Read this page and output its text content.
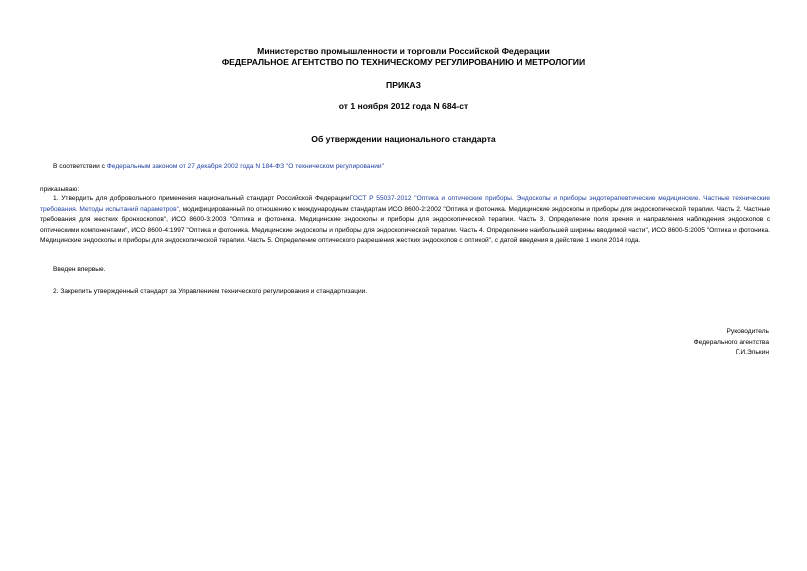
Министерство промышленности и торговли Российской Федерации
ФЕДЕРАЛЬНОЕ АГЕНТСТВО ПО ТЕХНИЧЕСКОМУ РЕГУЛИРОВАНИЮ И МЕТРОЛОГИИ
ПРИКАЗ
от 1 ноября 2012 года N 684-ст
Об утверждении национального стандарта
В соответствии с Федеральным законом от 27 декабря 2002 года N 184-ФЗ "О техническом регулировании"
приказываю:
1. Утвердить для добровольного применения национальный стандарт Российской ФедерацииГОСТ Р 55037-2012 "Оптика и оптические приборы. Эндоскопы и приборы эндотерапевтические медицинские. Частные технические требования. Методы испытаний параметров", модифицированный по отношению к международным стандартам ИСО 8600-2:2002 "Оптика и фотоника. Медицинские эндоскопы и приборы для эндоскопической терапии. Часть 2. Частные требования для жестких бронхоскопов", ИСО 8600-3:2003 "Оптика и фотоника. Медицинские эндоскопы и приборы для эндоскопической терапии. Часть 3. Определение поля зрения и направления наблюдения эндоскопов с оптическими компонентами", ИСО 8600-4:1997 "Оптика и фотоника. Медицинские эндоскопы и приборы для эндоскопической терапии. Часть 4. Определение наибольшей ширины вводимой части", ИСО 8600-5:2005 "Оптика и фотоника. Медицинские эндоскопы и приборы для эндоскопической терапии. Часть 5. Определение оптического разрешения жестких эндоскопов с оптикой", с датой введения в действие 1 июля 2014 года.
Введен впервые.
2. Закрепить утвержденный стандарт за Управлением технического регулирования и стандартизации.
Руководитель
Федерального агентства
Г.И.Элькин
